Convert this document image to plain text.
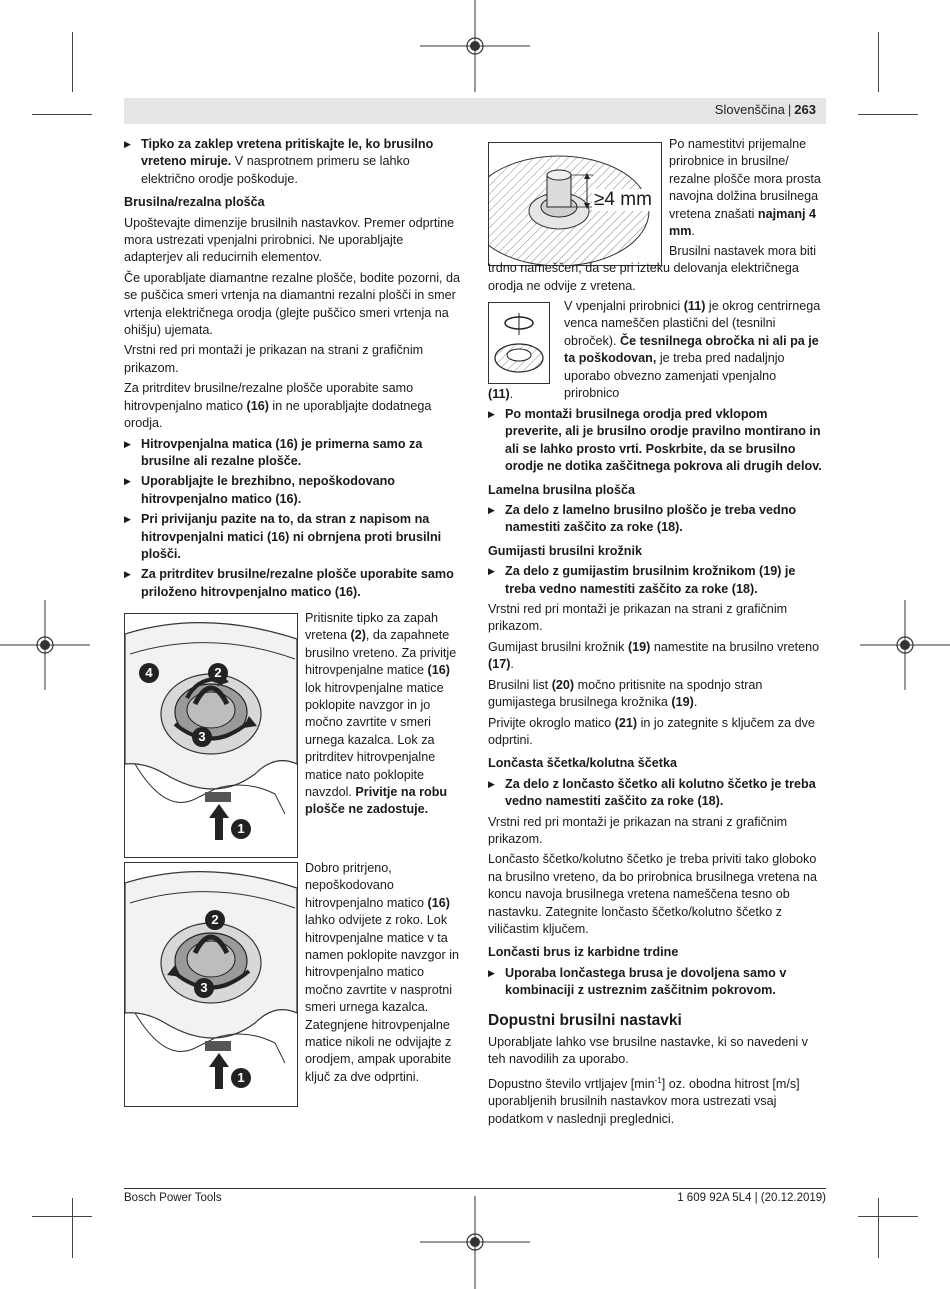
Slovenščina | 263
▶ Tipko za zaklep vretena pritiskajte le, ko brusilno vreteno miruje. V nasprotnem primeru se lahko električno orodje poškoduje.
Brusilna/rezalna plošča

Upoštevajte dimenzije brusilnih nastavkov. Premer odprtine mora ustrezati vpenjalni prirobnici. Ne uporabljajte adapterjev ali reducirnih elementov.

Če uporabljate diamantne rezalne plošče, bodite pozorni, da se puščica smeri vrtenja na diamantni rezalni plošči in smer vrtenja električnega orodja (glejte puščico smeri vrtenja na ohišju) ujemata.

Vrstni red pri montaži je prikazan na strani z grafičnim prikazom.

Za pritrditev brusilne/rezalne plošče uporabite samo hitrovpenjalno matico (16) in ne uporabljajte dodatnega orodja.

▶ Hitrovpenjalna matica (16) je primerna samo za brusilne ali rezalne plošče.
▶ Uporabljajte le brezhibno, nepoškodovano hitrovpenjalno matico (16).
▶ Pri privijanju pazite na to, da stran z napisom na hitrovpenjalni matici (16) ni obrnjena proti brusilni plošči.
▶ Za pritrditev brusilne/rezalne plošče uporabite samo priloženo hitrovpenjalno matico (16).
4	2
3
1

Pritisnite tipko za zapah vretena (2), da zapahnete brusilno vreteno. Za privitje hitrovpenjalne matice (16) lok hitrovpenjalne matice poklopite navzgor in jo močno zavrtite v smeri urnega kazalca. Lok za pritrditev hitrovpenjalne matice nato poklopite navzdol. Privitje na robu plošče ne zadostuje.

2
3
1

Dobro pritrjeno, nepoškodovano hitrovpenjalno matico (16) lahko odvijete z roko. Lok hitrovpenjalne matice v ta namen poklopite navzgor in hitrovpenjalno matico močno zavrtite v nasprotni smeri urnega kazalca. Zategnjene hitrovpenjalne matice nikoli ne odvijajte z orodjem, ampak uporabite ključ za dve odprtini.

≥4 mm

Po namestitvi prijemalne prirobnice in brusilne/ rezalne plošče mora prosta navojna dolžina brusilnega vretena znašati najmanj 4 mm.

Brusilni nastavek mora biti trdno nameščen, da se pri izteku delovanja električnega orodja ne odvije z vretena.

V vpenjalni prirobnici (11) je okrog centrirnega venca nameščen plastični del (tesnilni obroček). Če tesnilnega obročka ni ali pa je ta poškodovan, je treba pred nadaljnjo uporabo obvezno zamenjati vpenjalno prirobnico

(11).

▶ Po montaži brusilnega orodja pred vklopom preverite, ali je brusilno orodje pravilno montirano in ali se lahko prosto vrti. Poskrbite, da se brusilno orodje ne dotika zaščitnega pokrova ali drugih delov.
Lamelna brusilna plošča
▶ Za delo z lamelno brusilno ploščo je treba vedno namestiti zaščito za roke (18).
Gumijasti brusilni krožnik
▶ Za delo z gumijastim brusilnim krožnikom (19) je treba vedno namestiti zaščito za roke (18).

Vrstni red pri montaži je prikazan na strani z grafičnim prikazom.

Gumijast brusilni krožnik (19) namestite na brusilno vreteno (17).

Brusilni list (20) močno pritisnite na spodnjo stran gumijastega brusilnega krožnika (19).

Privijte okroglo matico (21) in jo zategnite s ključem za dve odprtini.

Lončasta ščetka/kolutna ščetka
▶ Za delo z lončasto ščetko ali kolutno ščetko je treba vedno namestiti zaščito za roke (18).

Vrstni red pri montaži je prikazan na strani z grafičnim prikazom.

Lončasto ščetko/kolutno ščetko je treba priviti tako globoko na brusilno vreteno, da bo prirobnica brusilnega vretena na koncu navoja brusilnega vretena nameščena tesno ob nastavku. Zategnite lončasto ščetko/kolutno ščetko z viličastim ključem.

Lončasti brus iz karbidne trdine
▶ Uporaba lončastega brusa je dovoljena samo v kombinaciji z ustreznim zaščitnim pokrovom.
Dopustni brusilni nastavki

Uporabljate lahko vse brusilne nastavke, ki so navedeni v teh navodilih za uporabo.

Dopustno število vrtljajev $[\min^{-1}]$ oz. obodna hitrost [m/s] uporabljenih brusilnih nastavkov mora ustrezati vsaj podatkom v naslednji preglednici.

Bosch Power Tools	1 609 92A 5L4 | (20.12.2019)
